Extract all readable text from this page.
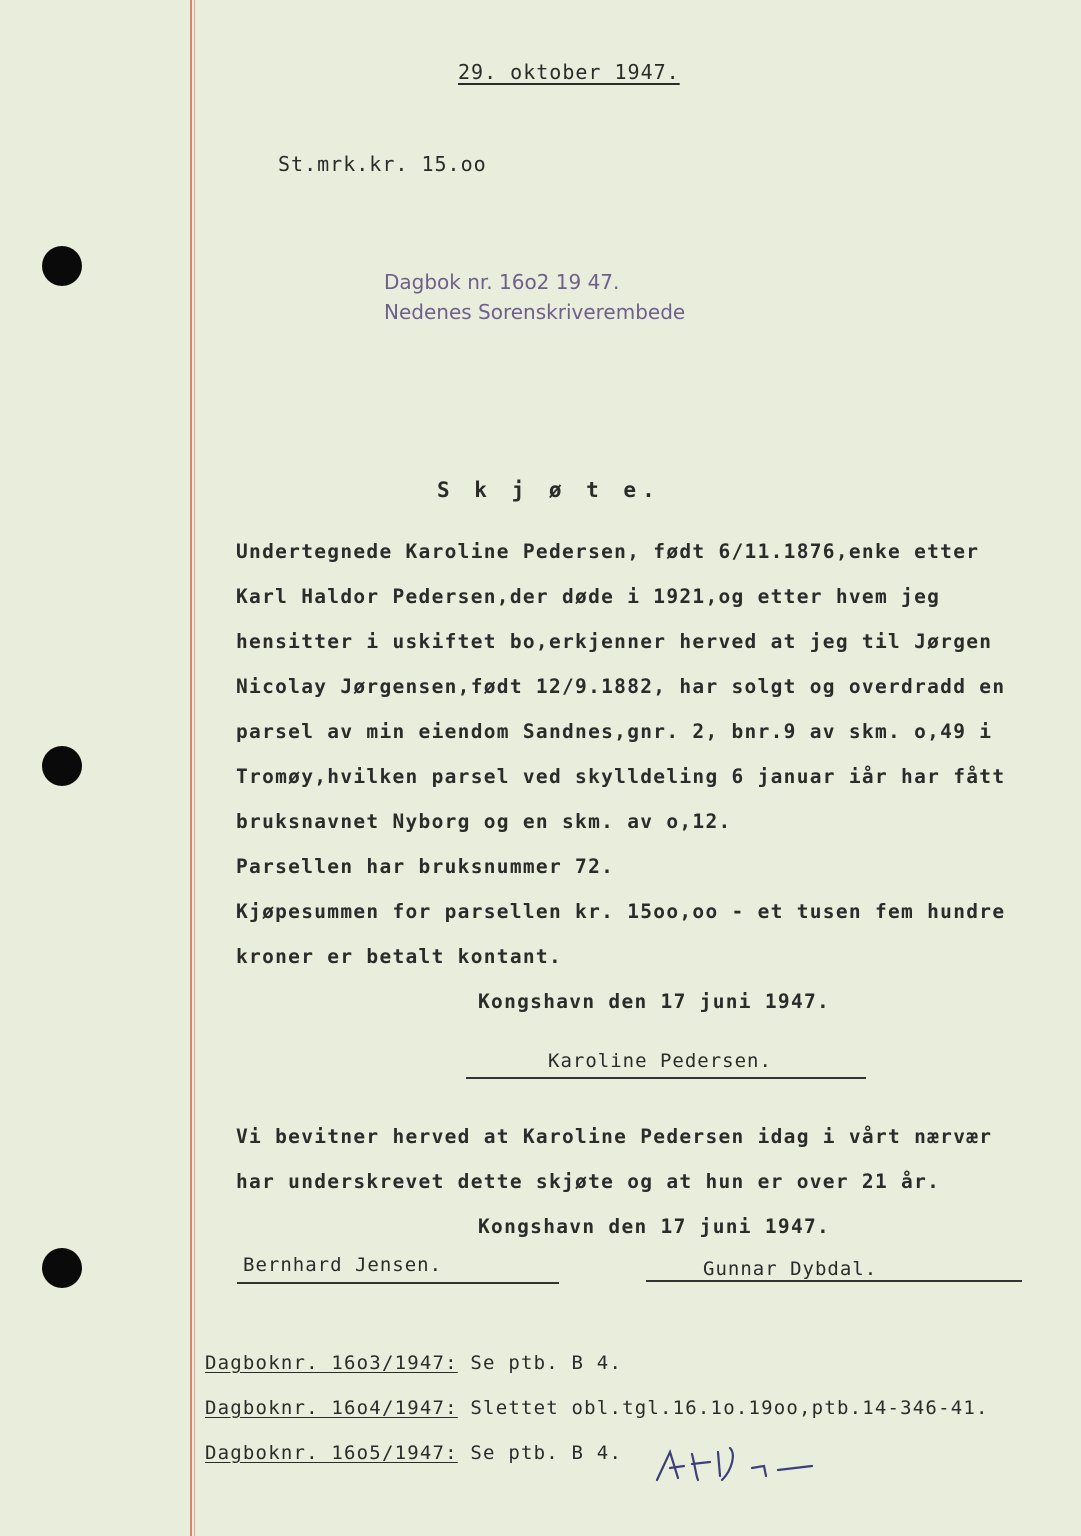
29. oktober 1947.
St.mrk.kr. 15.oo
Dagbok nr. 16o2 19 47.
Nedenes Sorenskriverembede
S k j ø t e.
Undertegnede Karoline Pedersen, født 6/11.1876,enke etter
Karl Haldor Pedersen,der døde i 1921,og etter hvem jeg
hensitter i uskiftet bo,erkjenner herved at jeg til Jørgen
Nicolay Jørgensen,født 12/9.1882, har solgt og overdradd en
parsel av min eiendom Sandnes,gnr. 2, bnr.9 av skm. o,49 i
Tromøy,hvilken parsel ved skylldeling 6 januar iår har fått
bruksnavnet Nyborg og en skm. av o,12.
Parsellen har bruksnummer 72.
Kjøpesummen for parsellen kr. 15oo,oo - et tusen fem hundre
kroner er betalt kontant.
Kongshavn den 17 juni 1947.
Karoline Pedersen.
Vi bevitner herved at Karoline Pedersen idag i vårt nærvær
har underskrevet dette skjøte og at hun er over 21 år.
Kongshavn den 17 juni 1947.
Bernhard Jensen.	Gunnar Dybdal.
Dagboknr. 16o3/1947: Se ptb. B 4.
Dagboknr. 16o4/1947: Slettet obl.tgl.16.1o.19oo,ptb.14-346-41.
Dagboknr. 16o5/1947: Se ptb. B 4.
